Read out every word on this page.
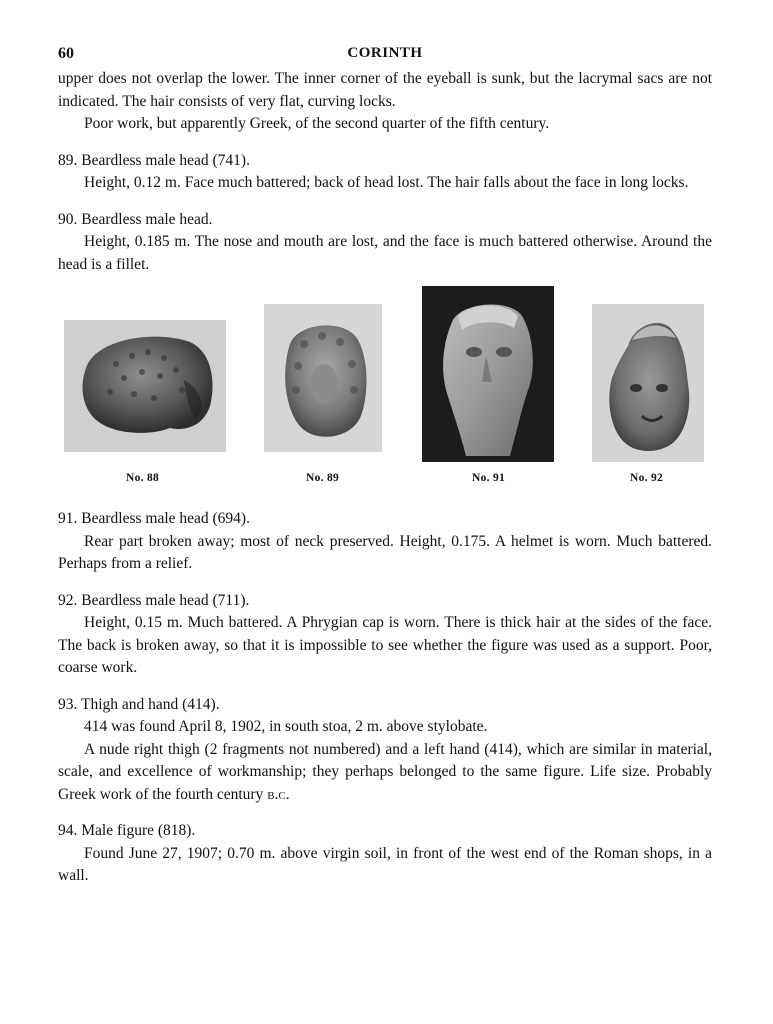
60	CORINTH

upper does not overlap the lower. The inner corner of the eyeball is sunk, but the lacrymal sacs are not indicated. The hair consists of very flat, curving locks.

Poor work, but apparently Greek, of the second quarter of the fifth century.

89. Beardless male head (741).

Height, 0.12 m. Face much battered; back of head lost. The hair falls about the face in long locks.

90. Beardless male head.

Height, 0.185 m. The nose and mouth are lost, and the face is much battered otherwise. Around the head is a fillet.

No. 88	No. 89	No. 91	No. 92

91. Beardless male head (694).

Rear part broken away; most of neck preserved. Height, 0.175. A helmet is worn. Much battered. Perhaps from a relief.

92. Beardless male head (711).

Height, 0.15 m. Much battered. A Phrygian cap is worn. There is thick hair at the sides of the face. The back is broken away, so that it is impossible to see whether the figure was used as a support. Poor, coarse work.

93. Thigh and hand (414).

414 was found April 8, 1902, in south stoa, 2 m. above stylobate.

A nude right thigh (2 fragments not numbered) and a left hand (414), which are similar in material, scale, and excellence of workmanship; they perhaps belonged to the same figure. Life size. Probably Greek work of the fourth century b.c.

94. Male figure (818).

Found June 27, 1907; 0.70 m. above virgin soil, in front of the west end of the Roman shops, in a wall.
